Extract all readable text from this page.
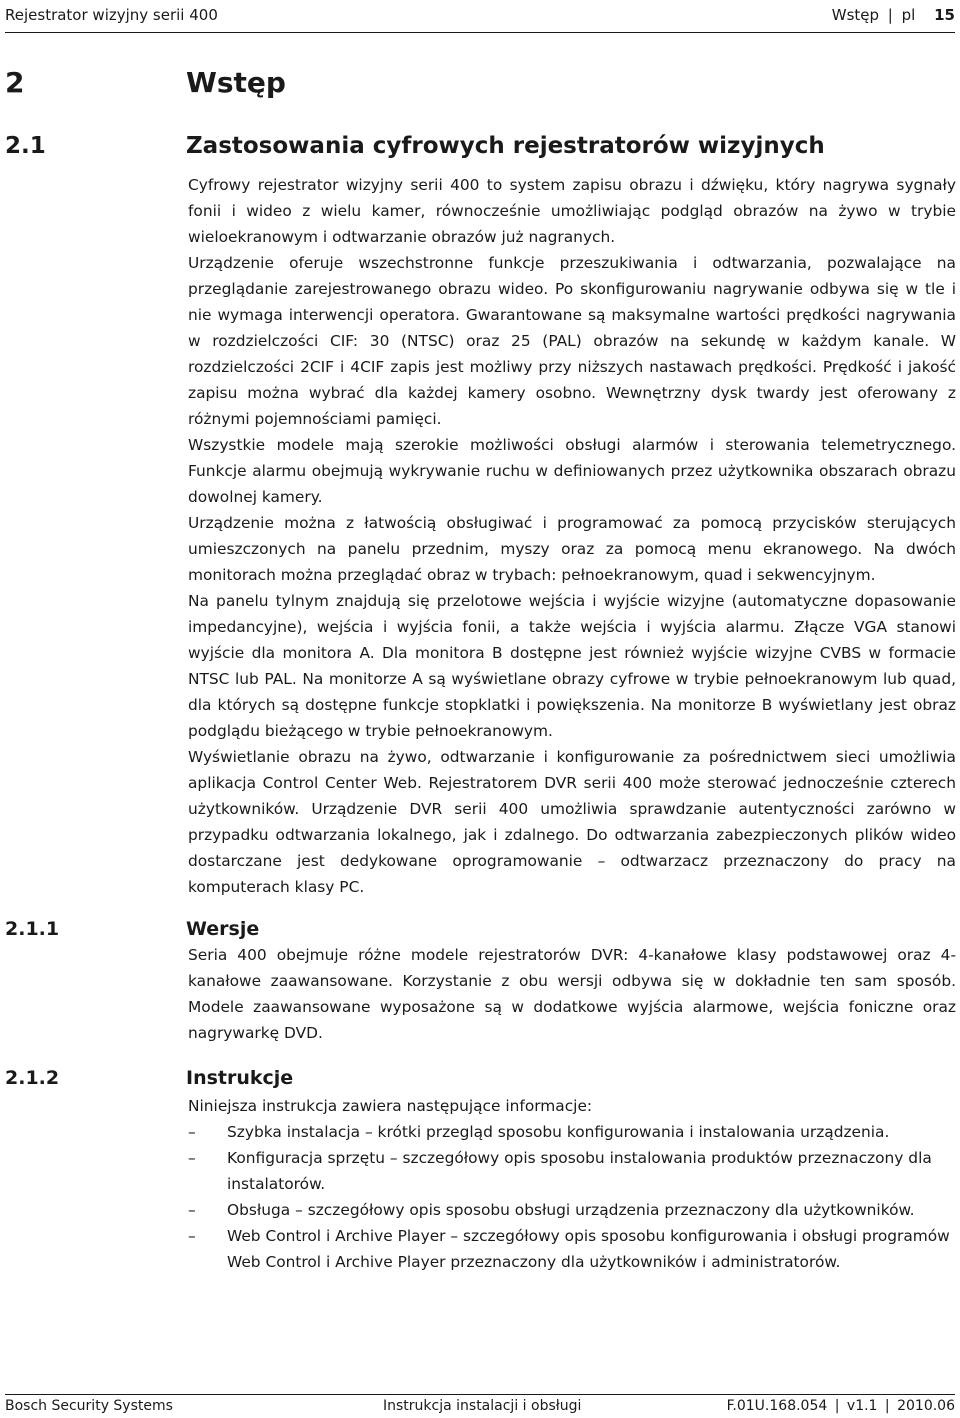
Rejestrator wizyjny serii 400	Wstęp | pl 15
2	Wstęp
2.1	Zastosowania cyfrowych rejestratorów wizyjnych

Cyfrowy rejestrator wizyjny serii 400 to system zapisu obrazu i dźwięku, który nagrywa sygnały fonii i wideo z wielu kamer, równocześnie umożliwiając podgląd obrazów na żywo w trybie wieloekranowym i odtwarzanie obrazów już nagranych.

Urządzenie oferuje wszechstronne funkcje przeszukiwania i odtwarzania, pozwalające na przeglądanie zarejestrowanego obrazu wideo. Po skonfigurowaniu nagrywanie odbywa się w tle i nie wymaga interwencji operatora. Gwarantowane są maksymalne wartości prędkości nagrywania w rozdzielczości CIF: 30 (NTSC) oraz 25 (PAL) obrazów na sekundę w każdym kanale. W rozdzielczości 2CIF i 4CIF zapis jest możliwy przy niższych nastawach prędkości. Prędkość i jakość zapisu można wybrać dla każdej kamery osobno. Wewnętrzny dysk twardy jest oferowany z różnymi pojemnościami pamięci.

Wszystkie modele mają szerokie możliwości obsługi alarmów i sterowania telemetrycznego. Funkcje alarmu obejmują wykrywanie ruchu w definiowanych przez użytkownika obszarach obrazu dowolnej kamery.

Urządzenie można z łatwością obsługiwać i programować za pomocą przycisków sterujących umieszczonych na panelu przednim, myszy oraz za pomocą menu ekranowego. Na dwóch monitorach można przeglądać obraz w trybach: pełnoekranowym, quad i sekwencyjnym.

Na panelu tylnym znajdują się przelotowe wejścia i wyjście wizyjne (automatyczne dopasowanie impedancyjne), wejścia i wyjścia fonii, a także wejścia i wyjścia alarmu. Złącze VGA stanowi wyjście dla monitora A. Dla monitora B dostępne jest również wyjście wizyjne CVBS w formacie NTSC lub PAL. Na monitorze A są wyświetlane obrazy cyfrowe w trybie pełnoekranowym lub quad, dla których są dostępne funkcje stopklatki i powiększenia. Na monitorze B wyświetlany jest obraz podglądu bieżącego w trybie pełnoekranowym.

Wyświetlanie obrazu na żywo, odtwarzanie i konfigurowanie za pośrednictwem sieci umożliwia aplikacja Control Center Web. Rejestratorem DVR serii 400 może sterować jednocześnie czterech użytkowników. Urządzenie DVR serii 400 umożliwia sprawdzanie autentyczności zarówno w przypadku odtwarzania lokalnego, jak i zdalnego. Do odtwarzania zabezpieczonych plików wideo dostarczane jest dedykowane oprogramowanie – odtwarzacz przeznaczony do pracy na komputerach klasy PC.

2.1.1	Wersje

Seria 400 obejmuje różne modele rejestratorów DVR: 4-kanałowe klasy podstawowej oraz 4-kanałowe zaawansowane. Korzystanie z obu wersji odbywa się w dokładnie ten sam sposób. Modele zaawansowane wyposażone są w dodatkowe wyjścia alarmowe, wejścia foniczne oraz nagrywarkę DVD.

2.1.2	Instrukcje

Niniejsza instrukcja zawiera następujące informacje:

– Szybka instalacja – krótki przegląd sposobu konfigurowania i instalowania urządzenia.
– Konfiguracja sprzętu – szczegółowy opis sposobu instalowania produktów przeznaczony dla instalatorów.
– Obsługa – szczegółowy opis sposobu obsługi urządzenia przeznaczony dla użytkowników.
– Web Control i Archive Player – szczegółowy opis sposobu konfigurowania i obsługi programów Web Control i Archive Player przeznaczony dla użytkowników i administratorów.
Bosch Security Systems	Instrukcja instalacji i obsługi	F.01U.168.054 | v1.1 | 2010.06
